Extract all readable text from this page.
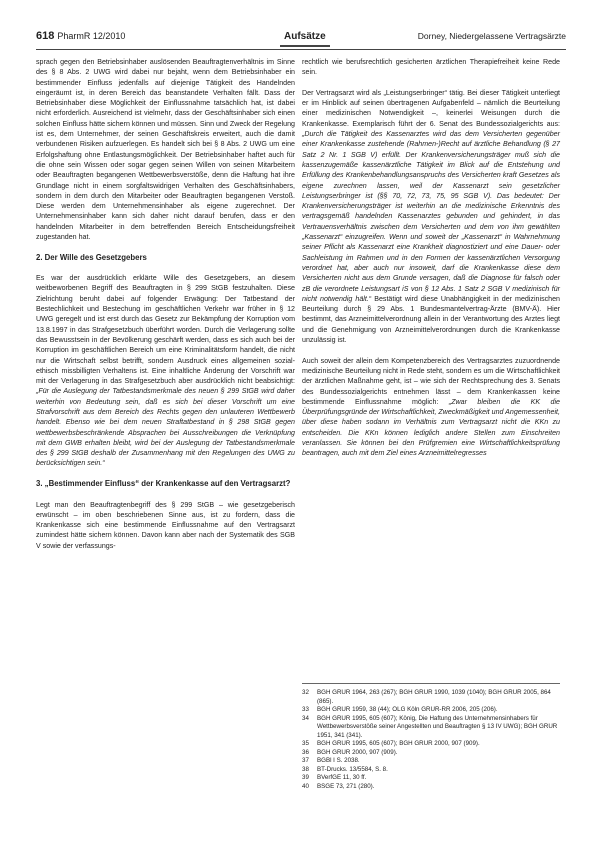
618 PharmR 12/2010	Aufsätze	Dorney, Niedergelassene Vertragsärzte

sprach gegen den Betriebsinhaber auslösenden Beauftragtenverhältnis im Sinne des § 8 Abs. 2 UWG wird dabei nur bejaht, wenn dem Betriebsinhaber ein bestimmender Einfluss jedenfalls auf diejenige Tätigkeit des Handelnden eingeräumt ist, in deren Bereich das beanstandete Verhalten fällt. Dass der Betriebsinhaber diese Möglichkeit der Einflussnahme tatsächlich hat, ist dabei nicht erforderlich. Ausreichend ist vielmehr, dass der Geschäftsinhaber sich einen solchen Einfluss hätte sichern können und müssen. Sinn und Zweck der Regelung ist es, dem Unternehmer, der seinen Geschäftskreis erweitert, auch die damit verbundenen Risiken aufzuerlegen. Es handelt sich bei § 8 Abs. 2 UWG um eine Erfolgshaftung ohne Entlastungsmöglichkeit. Der Betriebsinhaber haftet auch für die ohne sein Wissen oder sogar gegen seinen Willen von seinen Mitarbeitern oder Beauftragten begangenen Wettbewerbsverstöße, denn die Haftung hat ihre Grundlage nicht in einem sorgfaltswidrigen Verhalten des Geschäftsinhabers, sondern in dem durch den Mitarbeiter oder Beauftragten begangenen Verstoß. Diese werden dem Unternehmensinhaber als eigene zugerechnet. Der Unternehmensinhaber kann sich daher nicht darauf berufen, dass er den handelnden Mitarbeiter in dem betreffenden Bereich Entscheidungsfreiheit zugestanden hat.

2. Der Wille des Gesetzgebers

Es war der ausdrücklich erklärte Wille des Gesetzgebers, an diesem weitbeworbenen Begriff des Beauftragten in § 299 StGB festzuhalten. Diese Zielrichtung beruht dabei auf folgender Erwägung: Der Tatbestand der Bestechlichkeit und Bestechung im geschäftlichen Verkehr war früher in § 12 UWG geregelt und ist erst durch das Gesetz zur Bekämpfung der Korruption vom 13.8.1997 in das Strafgesetzbuch überführt worden. Durch die Verlagerung sollte das Bewusstsein in der Bevölkerung geschärft werden, dass es sich auch bei der Korruption im geschäftlichen Bereich um eine Kriminalitätsform handelt, die nicht nur die Wirtschaft selbst betrifft, sondern Ausdruck eines allgemeinen sozial-ethisch missbilligten Verhaltens ist. Eine inhaltliche Änderung der Vorschrift war mit der Verlagerung in das Strafgesetzbuch aber ausdrücklich nicht beabsichtigt: „Für die Auslegung der Tatbestandsmerkmale des neuen § 299 StGB wird daher weiterhin von Bedeutung sein, daß es sich bei dieser Vorschrift um eine Strafvorschrift aus dem Bereich des Rechts gegen den unlauteren Wettbewerb handelt. Ebenso wie bei dem neuen Straftatbestand in § 298 StGB gegen wettbewerbsbeschränkende Absprachen bei Ausschreibungen die Verknüpfung mit dem GWB erhalten bleibt, wird bei der Auslegung der Tatbestandsmerkmale des § 299 StGB deshalb der Zusammenhang mit den Regelungen des UWG zu berücksichtigen sein.“

3. „Bestimmender Einfluss“ der Krankenkasse auf den Vertragsarzt?

Legt man den Beauftragtenbegriff des § 299 StGB – wie gesetzgeberisch erwünscht – im oben beschriebenen Sinne aus, ist zu fordern, dass die Krankenkasse sich eine bestimmende Einflussnahme auf den Vertragsarzt zumindest hätte sichern können. Davon kann aber nach der Systematik des SGB V sowie der verfassungs-

rechtlich wie berufsrechtlich gesicherten ärztlichen Therapiefreiheit keine Rede sein.

Der Vertragsarzt wird als „Leistungserbringer“ tätig. Bei dieser Tätigkeit unterliegt er im Hinblick auf seinen übertragenen Aufgabenfeld – nämlich die Beurteilung einer medizinischen Notwendigkeit –, keinerlei Weisungen durch die Krankenkasse. Exemplarisch führt der 6. Senat des Bundessozialgerichts aus: „Durch die Tätigkeit des Kassenarztes wird das dem Versicherten gegenüber einer Krankenkasse zustehende (Rahmen-)Recht auf ärztliche Behandlung (§ 27 Satz 2 Nr. 1 SGB V) erfüllt. Der Krankenversicherungsträger muß sich die kassenzugemäße kassenärztliche Tätigkeit im Blick auf die Entstehung und Erfüllung des Krankenbehandlungsanspruchs des Versicherten kraft Gesetzes als eigene zurechnen lassen, weil der Kassenarzt sein gesetzlicher Leistungserbringer ist (§§ 70, 72, 73, 75, 95 SGB V). Das bedeutet: Der Krankenversicherungsträger ist weiterhin an die medizinische Erkenntnis des vertragsgemäß handelnden Kassenarztes gebunden und gehindert, in das Vertrauensverhältnis zwischen dem Versicherten und dem von ihm gewählten „Kassenarzt“ einzugreifen. Wenn und soweit der „Kassenarzt“ in Wahrnehmung seiner Pflicht als Kassenarzt eine Krankheit diagnostiziert und eine Dauer- oder Sachleistung im Rahmen und in den Formen der kassenärztlichen Versorgung verordnet hat, aber auch nur insoweit, darf die Krankenkasse diese dem Versicherten nicht aus dem Grunde versagen, daß die Diagnose für falsch oder zB die verordnete Leistungsart iS von § 12 Abs. 1 Satz 2 SGB V medizinisch für nicht notwendig hält.“ Bestätigt wird diese Unabhängigkeit in der medizinischen Beurteilung durch § 29 Abs. 1 Bundesmantelvertrag-Ärzte (BMV-Ä). Hier bestimmt, das Arzneimittelverordnung allein in der Verantwortung des Arztes liegt und die Genehmigung von Arzneimittelverordnungen durch die Krankenkasse unzulässig ist.

Auch soweit der allein dem Kompetenzbereich des Vertragsarztes zuzuordnende medizinische Beurteilung nicht in Rede steht, sondern es um die Wirtschaftlichkeit der ärztlichen Maßnahme geht, ist – wie sich der Rechtsprechung des 3. Senats des Bundessozialgerichts entnehmen lässt – dem Krankenkassen keine bestimmende Einflussnahme möglich: „Zwar bleiben die KK die Überprüfungsgründe der Wirtschaftlichkeit, Zweckmäßigkeit und Angemessenheit, über diese haben sodann im Verhältnis zum Vertragsarzt nicht die KKn zu entscheiden. Die KKn können lediglich andere Stellen zum Einschreiten veranlassen. Sie können bei den Prüfgremien eine Wirtschaftlichkeitsprüfung beantragen, auch mit dem Ziel eines Arzneimittelregresses

32	BGH GRUR 1964, 263 (267); BGH GRUR 1990, 1039 (1040); BGH GRUR 2005, 864 (865).
33	BGH GRUR 1959, 38 (44); OLG Köln GRUR-RR 2006, 205 (206).
34	BGH GRUR 1995, 605 (607); König, Die Haftung des Unternehmensinhabers für Wettbewerbsverstöße seiner Angestellten und Beauftragten § 13 IV UWG); BGH GRUR 1951, 341 (341).
35	BGH GRUR 1995, 605 (607); BGH GRUR 2000, 907 (909).
36	BGH GRUR 2000, 907 (909).
37	BGBl I S. 2038.
38	BT-Drucks. 13/5584, S. 8.
39	BVerfGE 11, 30 ff.
40	BSGE 73, 271 (280).
